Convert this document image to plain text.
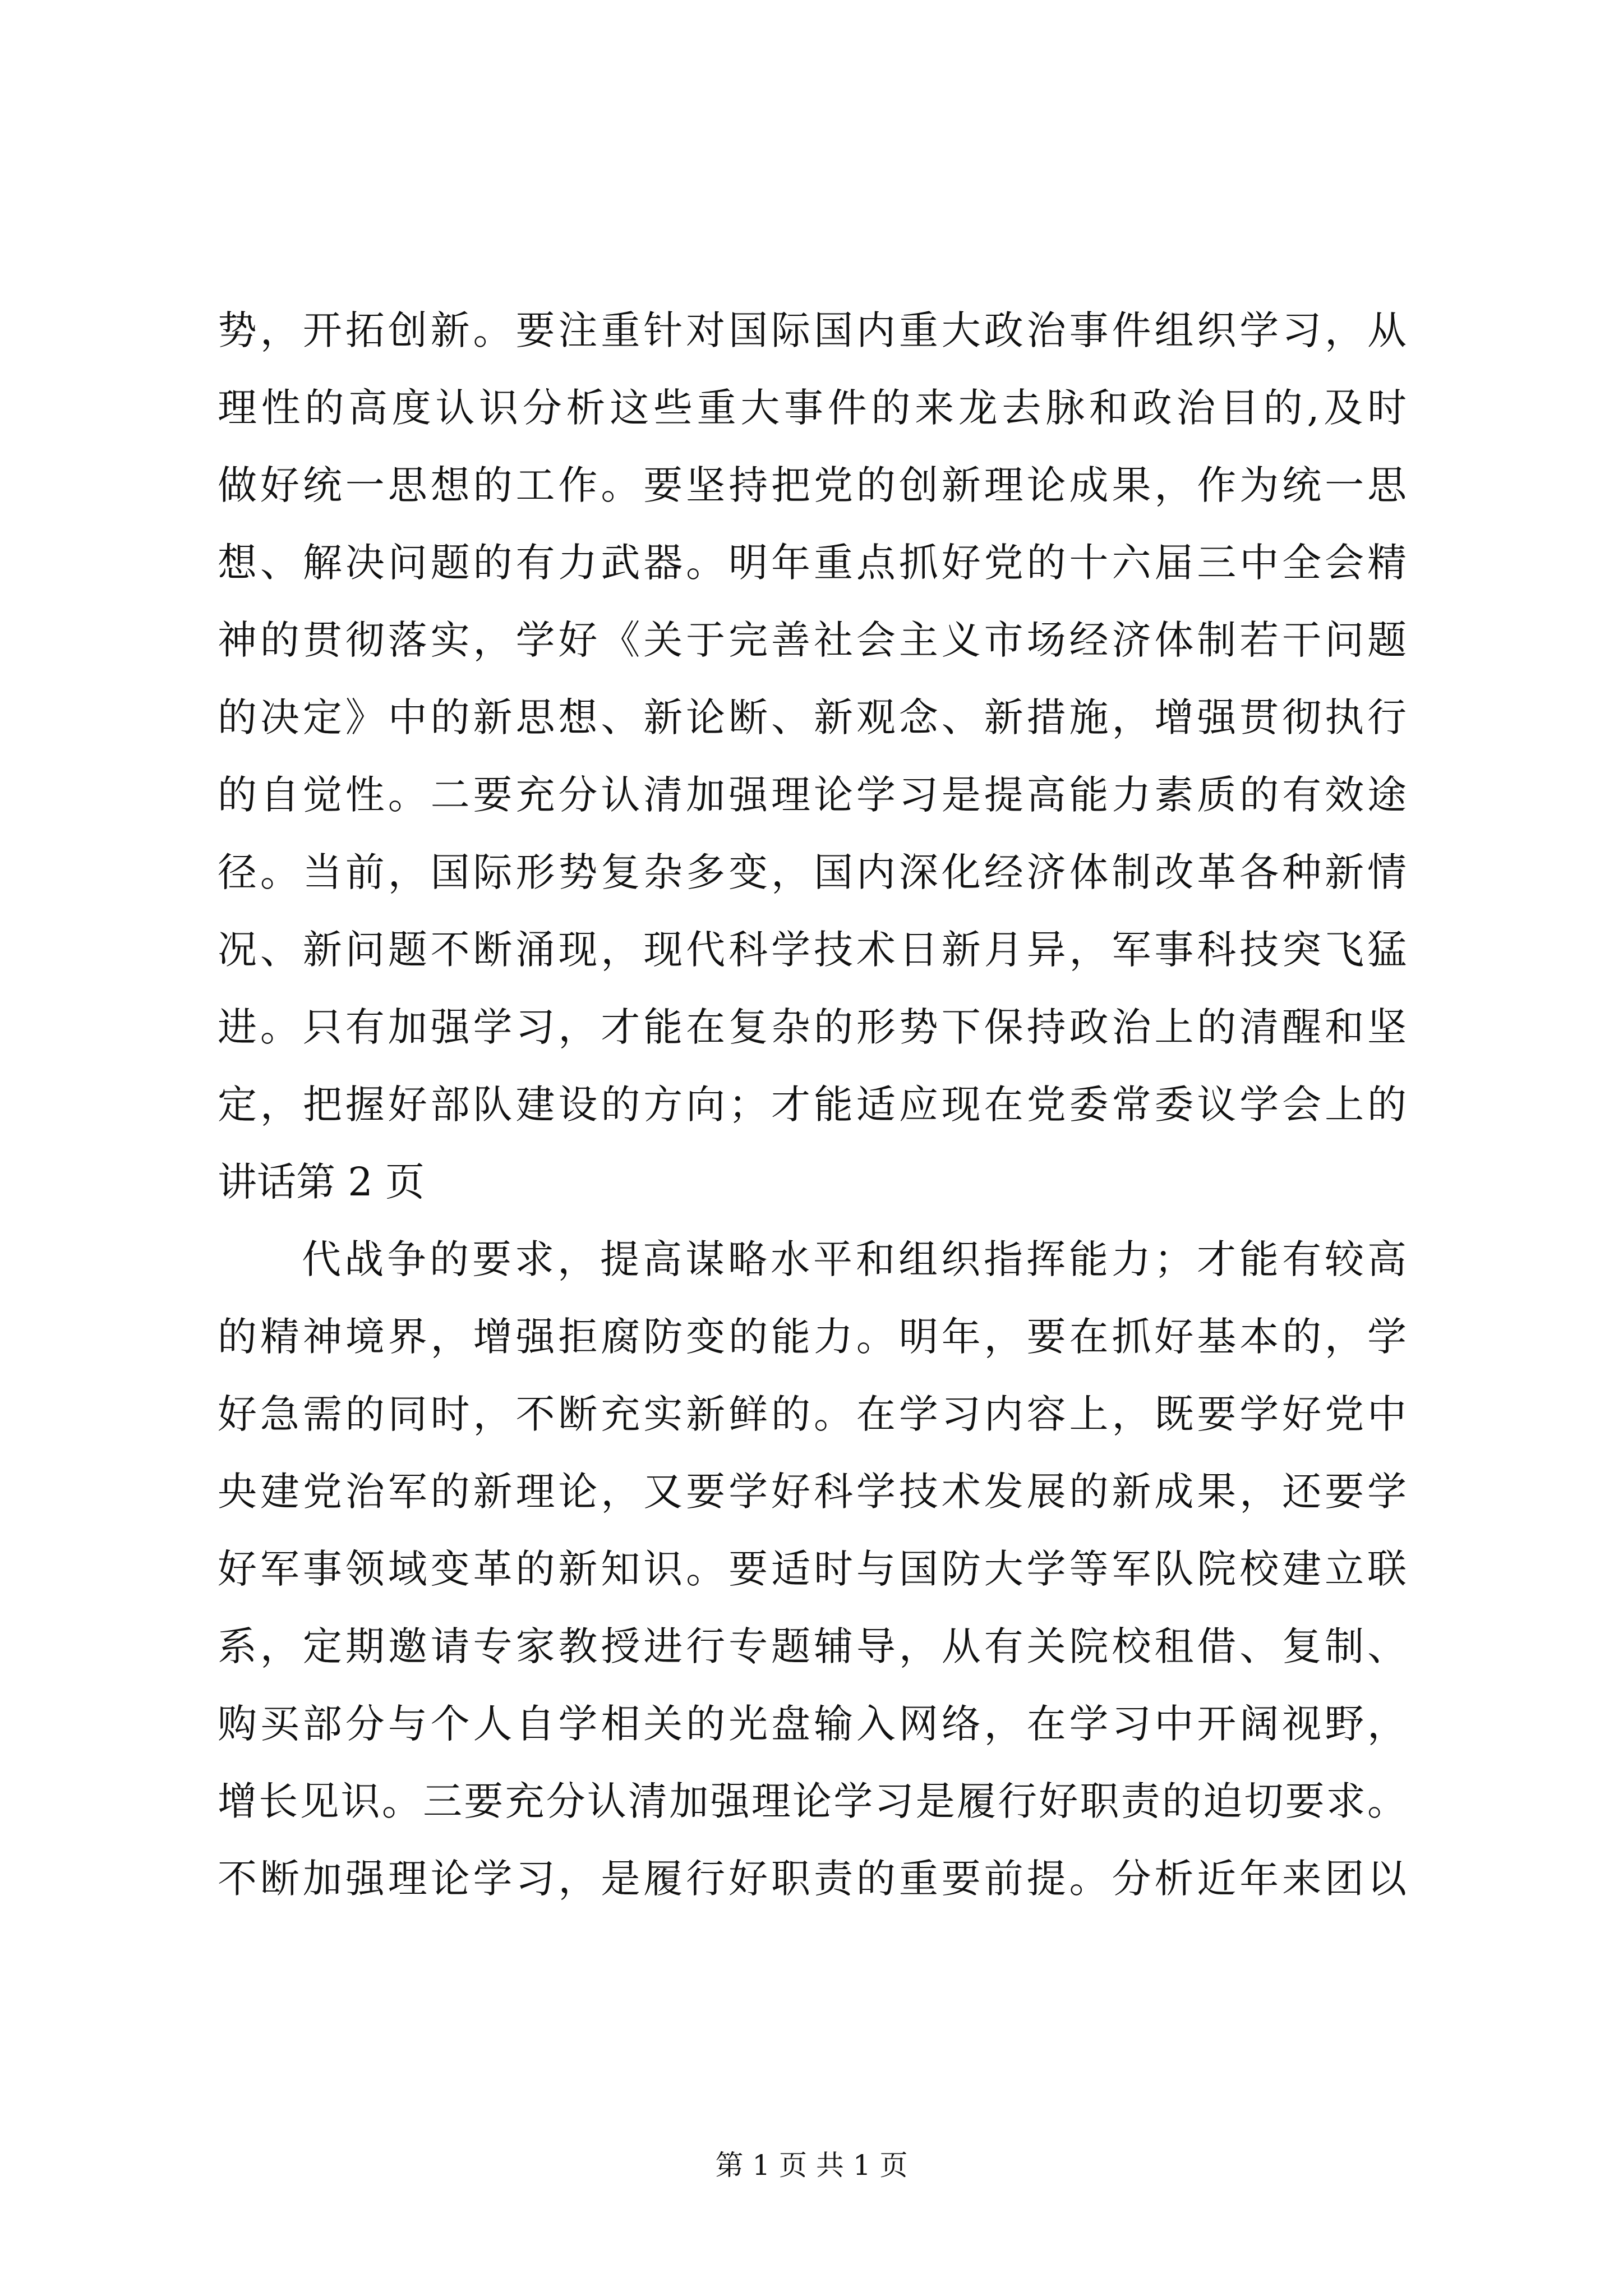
势，开拓创新。要注重针对国际国内重大政治事件组织学习，从
理性的高度认识分析这些重大事件的来龙去脉和政治目的,及时
做好统一思想的工作。要坚持把党的创新理论成果，作为统一思
想、解决问题的有力武器。明年重点抓好党的十六届三中全会精
神的贯彻落实，学好《关于完善社会主义市场经济体制若干问题
的决定》中的新思想、新论断、新观念、新措施，增强贯彻执行
的自觉性。二要充分认清加强理论学习是提高能力素质的有效途
径。当前，国际形势复杂多变，国内深化经济体制改革各种新情
况、新问题不断涌现，现代科学技术日新月异，军事科技突飞猛
进。只有加强学习，才能在复杂的形势下保持政治上的清醒和坚
定，把握好部队建设的方向；才能适应现在党委常委议学会上的
讲话第 2 页
代战争的要求，提高谋略水平和组织指挥能力；才能有较高
的精神境界，增强拒腐防变的能力。明年，要在抓好基本的，学
好急需的同时，不断充实新鲜的。在学习内容上，既要学好党中
央建党治军的新理论，又要学好科学技术发展的新成果，还要学
好军事领域变革的新知识。要适时与国防大学等军队院校建立联
系，定期邀请专家教授进行专题辅导，从有关院校租借、复制、
购买部分与个人自学相关的光盘输入网络，在学习中开阔视野，
增长见识。三要充分认清加强理论学习是履行好职责的迫切要求。
不断加强理论学习，是履行好职责的重要前提。分析近年来团以
第 1 页 共 1 页
